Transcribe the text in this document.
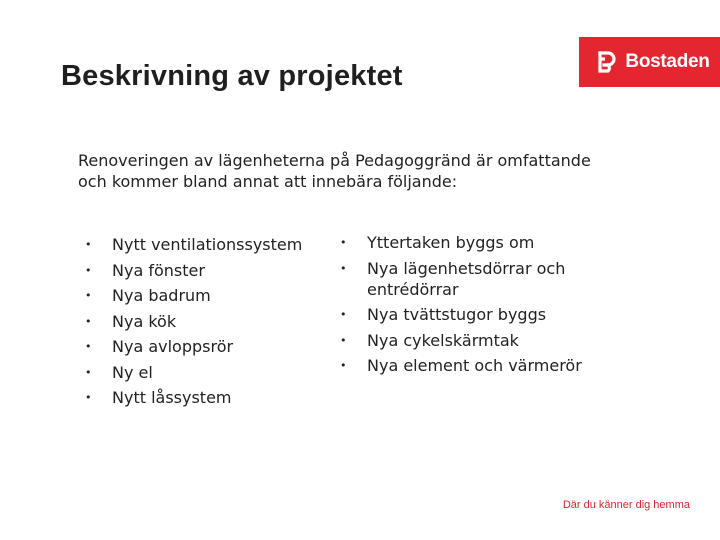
Beskrivning av projektet	Bostaden

Renoveringen av lägenheterna på Pedagoggränd är omfattande och kommer bland annat att innebära följande:

• Nytt ventilationssystem
• Nya fönster
• Nya badrum
• Nya kök
• Nya avloppsrör
• Ny el
• Nytt låssystem
• Yttertaken byggs om
• Nya lägenhetsdörrar och entrédörrar
• Nya tvättstugor byggs
• Nya cykelskärmtak
• Nya element och värmerör

Där du känner dig hemma
